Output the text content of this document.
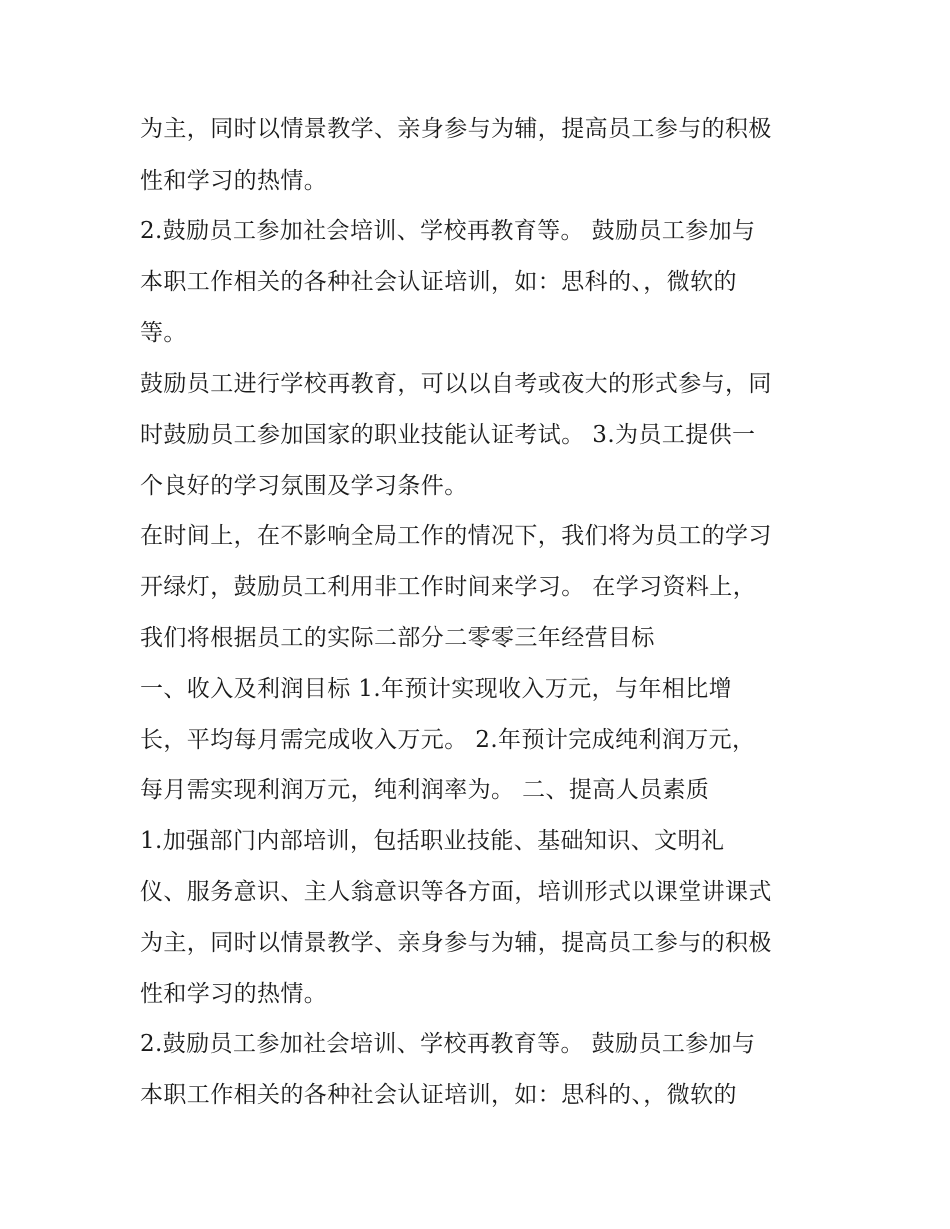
为主，同时以情景教学、亲身参与为辅，提高员工参与的积极
性和学习的热情。
2.鼓励员工参加社会培训、学校再教育等。 鼓励员工参加与
本职工作相关的各种社会认证培训，如：思科的、，微软的
等。
鼓励员工进行学校再教育，可以以自考或夜大的形式参与，同
时鼓励员工参加国家的职业技能认证考试。 3.为员工提供一
个良好的学习氛围及学习条件。
在时间上，在不影响全局工作的情况下，我们将为员工的学习
开绿灯，鼓励员工利用非工作时间来学习。 在学习资料上，
我们将根据员工的实际二部分二零零三年经营目标
一、收入及利润目标 1.年预计实现收入万元，与年相比增
长，平均每月需完成收入万元。 2.年预计完成纯利润万元，
每月需实现利润万元，纯利润率为。 二、提高人员素质
1.加强部门内部培训，包括职业技能、基础知识、文明礼
仪、服务意识、主人翁意识等各方面，培训形式以课堂讲课式
为主，同时以情景教学、亲身参与为辅，提高员工参与的积极
性和学习的热情。
2.鼓励员工参加社会培训、学校再教育等。 鼓励员工参加与
本职工作相关的各种社会认证培训，如：思科的、，微软的
